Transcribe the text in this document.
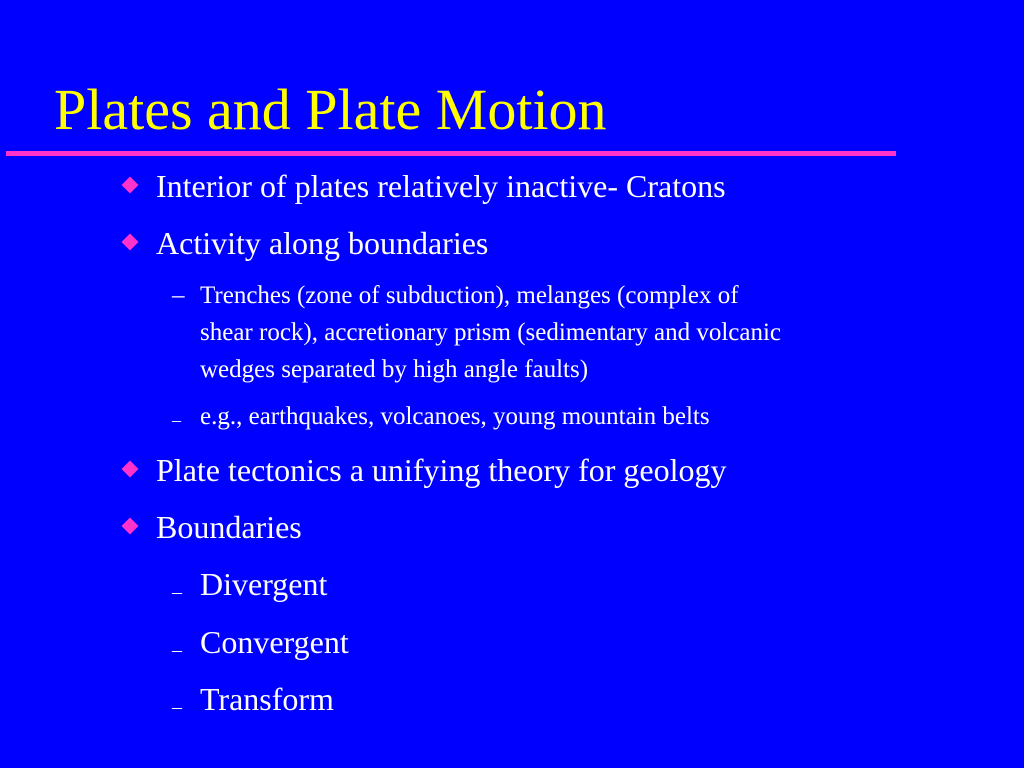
Plates and Plate Motion
Interior of plates relatively inactive- Cratons
Activity along boundaries
– Trenches (zone of subduction), melanges (complex of
shear rock), accretionary prism (sedimentary and volcanic
wedges separated by high angle faults)
– e.g., earthquakes, volcanoes, young mountain belts
Plate tectonics a unifying theory for geology
Boundaries
– Divergent
– Convergent
– Transform
